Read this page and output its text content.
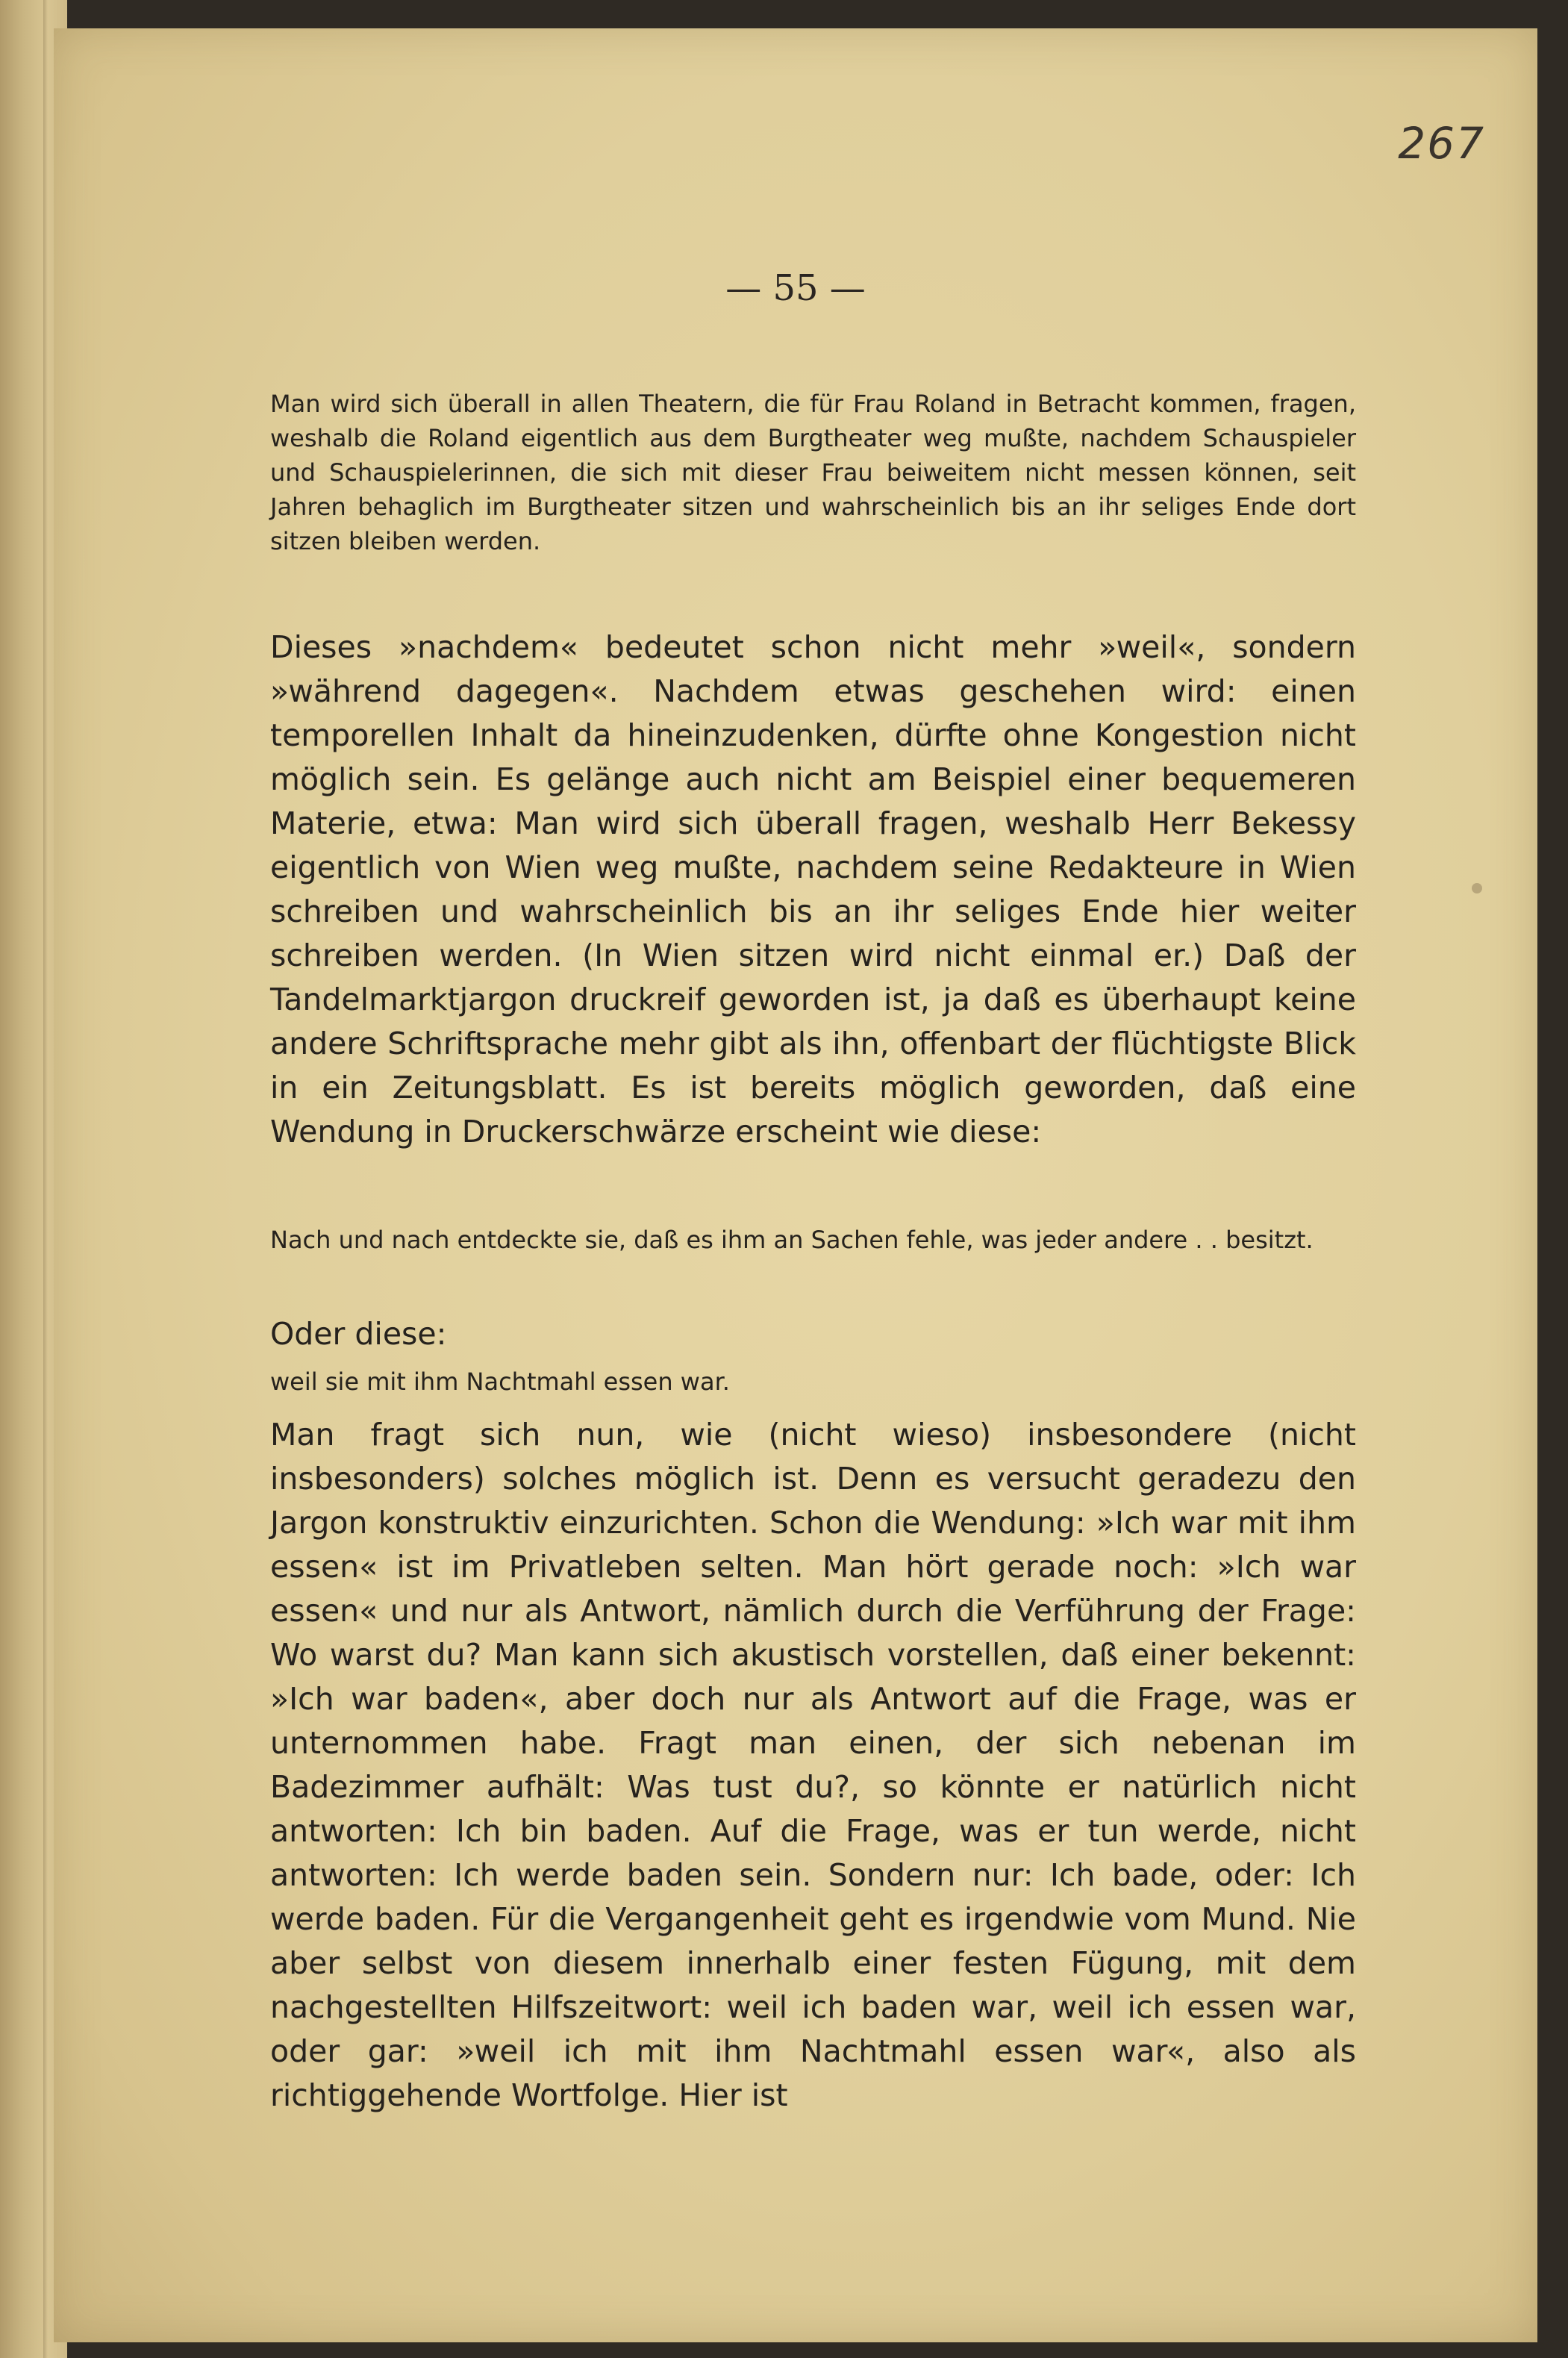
267
— 55 —

Man wird sich überall in allen Theatern, die für Frau Roland in Betracht kommen, fragen, weshalb die Roland eigentlich aus dem Burgtheater weg mußte, nachdem Schauspieler und Schauspielerinnen, die sich mit dieser Frau beiweitem nicht messen können, seit Jahren behaglich im Burgtheater sitzen und wahrscheinlich bis an ihr seliges Ende dort sitzen bleiben werden.

Dieses »nachdem« bedeutet schon nicht mehr »weil«, sondern »während dagegen«. Nachdem etwas geschehen wird: einen temporellen Inhalt da hineinzudenken, dürfte ohne Kongestion nicht möglich sein. Es gelänge auch nicht am Beispiel einer bequemeren Materie, etwa: Man wird sich überall fragen, weshalb Herr Bekessy eigentlich von Wien weg mußte, nachdem seine Redakteure in Wien schreiben und wahrscheinlich bis an ihr seliges Ende hier weiter schreiben werden. (In Wien sitzen wird nicht einmal er.) Daß der Tandelmarktjargon druckreif geworden ist, ja daß es überhaupt keine andere Schriftsprache mehr gibt als ihn, offenbart der flüchtigste Blick in ein Zeitungsblatt. Es ist bereits möglich geworden, daß eine Wendung in Druckerschwärze erscheint wie diese:

Nach und nach entdeckte sie, daß es ihm an Sachen fehle, was jeder andere . . besitzt.

Oder diese:

weil sie mit ihm Nachtmahl essen war.

Man fragt sich nun, wie (nicht wieso) insbesondere (nicht insbesonders) solches möglich ist. Denn es versucht geradezu den Jargon konstruktiv einzurichten. Schon die Wendung: »Ich war mit ihm essen« ist im Privatleben selten. Man hört gerade noch: »Ich war essen« und nur als Antwort, nämlich durch die Verführung der Frage: Wo warst du? Man kann sich akustisch vorstellen, daß einer bekennt: »Ich war baden«, aber doch nur als Antwort auf die Frage, was er unternommen habe. Fragt man einen, der sich nebenan im Badezimmer aufhält: Was tust du?, so könnte er natürlich nicht antworten: Ich bin baden. Auf die Frage, was er tun werde, nicht antworten: Ich werde baden sein. Sondern nur: Ich bade, oder: Ich werde baden. Für die Vergangenheit geht es irgendwie vom Mund. Nie aber selbst von diesem innerhalb einer festen Fügung, mit dem nachgestellten Hilfszeitwort: weil ich baden war, weil ich essen war, oder gar: »weil ich mit ihm Nachtmahl essen war«, also als richtiggehende Wortfolge. Hier ist
